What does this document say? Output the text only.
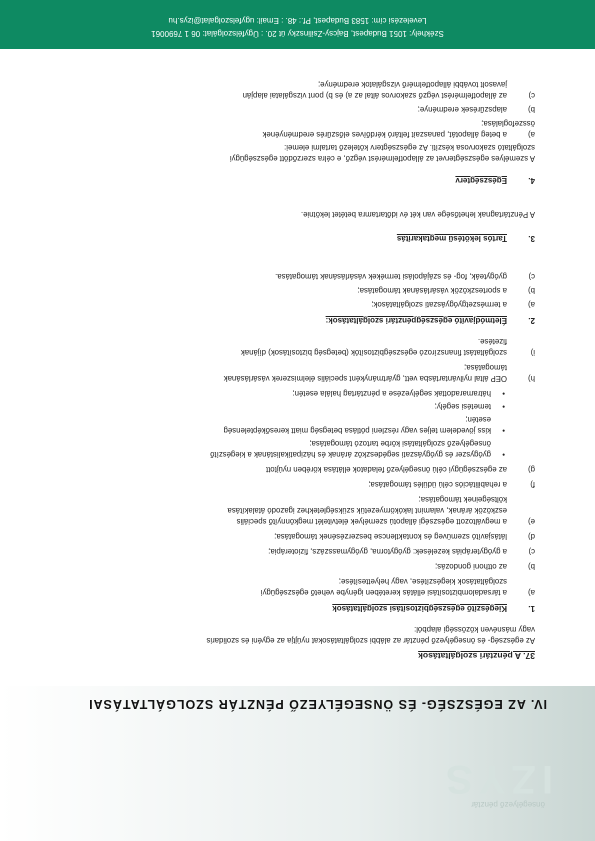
önsegélyező pénztár
IZYS
IV. AZ EGÉSZSÉG- ÉS ÖNSEGÉLYEZŐ PÉNZTÁR SZOLGÁLTATÁSAI
37. A pénztári szolgáltatások
Az egészség- és önsegélyező pénztár az alábbi szolgáltatásokat nyújtja az egyéni és szolidaris
vagy másnéven közösségi alapból:
1.Kiegészítő egészségbiztosítási szolgáltatások
a)a társadalombiztosítási ellátás keretében igénybe vehető egészségügyi
szolgáltatások kiegészítése, vagy helyettesítése;
b)az otthoni gondozás;
c)a gyógyterápiás kezelések: gyógytorna, gyógymasszázs, fizioterápia;
d)látásjavító szemüveg és kontaktlencse beszerzésének támogatása;
e)a megváltozott egészségi állapotú személyek életvitelét megkönnyítő speciális
eszközök árának, valamint lakókörnyezetük szükségletekhez igazodó átalakítása
költségeinek támogatása;
f)a rehabilitációs célú üdülés támogatása;
g)az egészségügyi célú önsegélyező feladatok ellátása körében nyújtott
•gyógyszer és gyógyászati segédeszköz árának és házipatikalistának a kiegészítő
önsegélyező szolgáltatási körbe tartozó támogatása;
•kiss jövedelem teljes vagy részleni pótlása betegség miatt keresőképtelenség
esetén;
•temetési segély;
•hátramaradottak segélyezése a pénztártag halála esetén;
h)OEP által nyilvántartásba vett, gyártmányként speciális élelmiszerek vásárlásának
támogatása;
i)szolgáltatást finanszírozó egészségbiztosítók (betegség biztosítások) díjának
fizetése.
2.Életmódjavító egészségpénztári szolgáltatások:
a)a természetgyógyászati szolgáltatások;
b)a sporteszközök vásárlásának támogatása;
c)gyógyteák, fog- és szájápolási termékek vásárlásának támogatása.
3.Tartós lekötésű megtakarítás
A Pénztártagnak lehetősége van két év időtartamra betétet lekötnie.
4.Egészségterv
A személyes egészségtervet az állapotfelmérést végző, e célra szerződött egészségügyi
szolgáltató szakorvosa készíti. Az egészségterv kötelező tartalmi elemei:
a)a beteg állapotát, panaszait feltáró kérdőíves előszűrés eredményének
összefoglalása;
b)alapszűrések eredménye;
c)az állapotfelmérést végző szakorvos által az a) és b) pont vizsgálatai alapján
javasolt további állapotfelmérő vizsgálatok eredménye;
Székhely: 1051 Budapest, Bajcsy-Zsilinszky út 20. : Ügyfélszolgálat: 06 1 7690061
Levelezési cím: 1583 Budapest, Pf.: 48. : Email: ugyfelszolgalat@izys.hu
